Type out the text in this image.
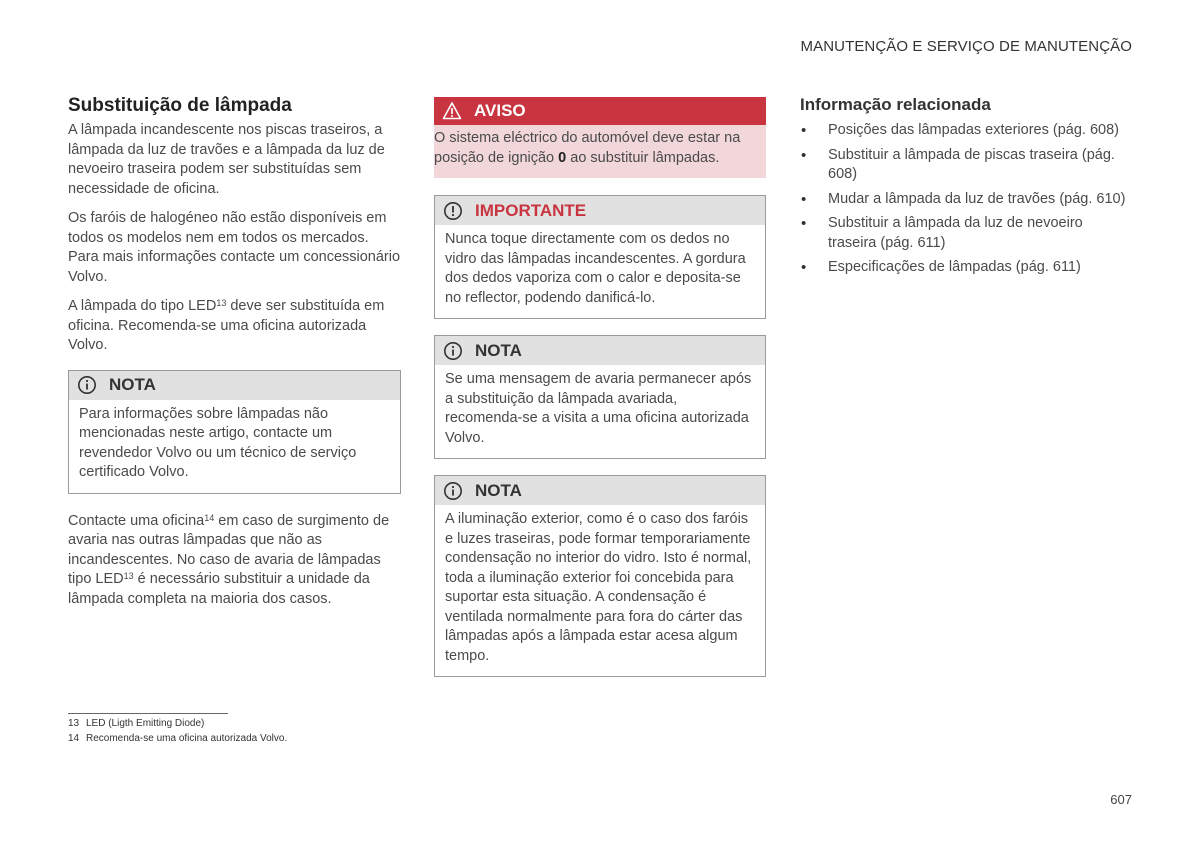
MANUTENÇÃO E SERVIÇO DE MANUTENÇÃO
Substituição de lâmpada

A lâmpada incandescente nos piscas traseiros, a lâmpada da luz de travões e a lâmpada da luz de nevoeiro traseira podem ser substituídas sem necessidade de oficina.

Os faróis de halogéneo não estão disponíveis em todos os modelos nem em todos os mercados. Para mais informações contacte um concessionário Volvo.

A lâmpada do tipo LED$^{13}$ deve ser substituída em oficina. Recomenda-se uma oficina autorizada Volvo.

NOTA
Para informações sobre lâmpadas não mencionadas neste artigo, contacte um revendedor Volvo ou um técnico de serviço certificado Volvo.

Contacte uma oficina$^{14}$ em caso de surgimento de avaria nas outras lâmpadas que não as incandescentes. No caso de avaria de lâmpadas tipo LED$^{13}$ é necessário substituir a unidade da lâmpada completa na maioria dos casos.

AVISO
O sistema eléctrico do automóvel deve estar na posição de ignição 0 ao substituir lâmpadas.
IMPORTANTE
Nunca toque directamente com os dedos no vidro das lâmpadas incandescentes. A gordura dos dedos vaporiza com o calor e deposita-se no reflector, podendo danificá-lo.
NOTA
Se uma mensagem de avaria permanecer após a substituição da lâmpada avariada, recomenda-se a visita a uma oficina autorizada Volvo.
NOTA
A iluminação exterior, como é o caso dos faróis e luzes traseiras, pode formar temporariamente condensação no interior do vidro. Isto é normal, toda a iluminação exterior foi concebida para suportar esta situação. A condensação é ventilada normalmente para fora do cárter das lâmpadas após a lâmpada estar acesa algum tempo.
Informação relacionada
• Posições das lâmpadas exteriores (pág. 608)
• Substituir a lâmpada de piscas traseira (pág. 608)
• Mudar a lâmpada da luz de travões (pág. 610)
• Substituir a lâmpada da luz de nevoeiro traseira (pág. 611)
• Especificações de lâmpadas (pág. 611)
13 LED (Ligth Emitting Diode)
14 Recomenda-se uma oficina autorizada Volvo.
607
